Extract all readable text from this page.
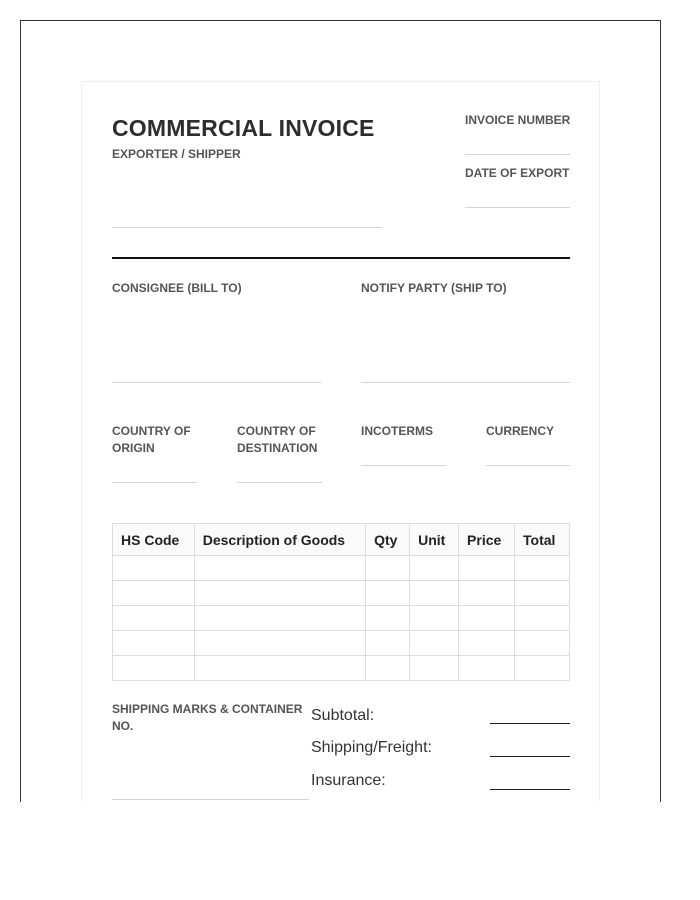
COMMERCIAL INVOICE
EXPORTER / SHIPPER
INVOICE NUMBER
DATE OF EXPORT
CONSIGNEE (BILL TO)	NOTIFY PARTY (SHIP TO)
COUNTRY OF
ORIGIN
COUNTRY OF
DESTINATION
INCOTERMS	CURRENCY
HS Code	Description of Goods	Qty	Unit	Price	Total

SHIPPING MARKS & CONTAINER
NO.
Subtotal:
Shipping/Freight:
Insurance:
